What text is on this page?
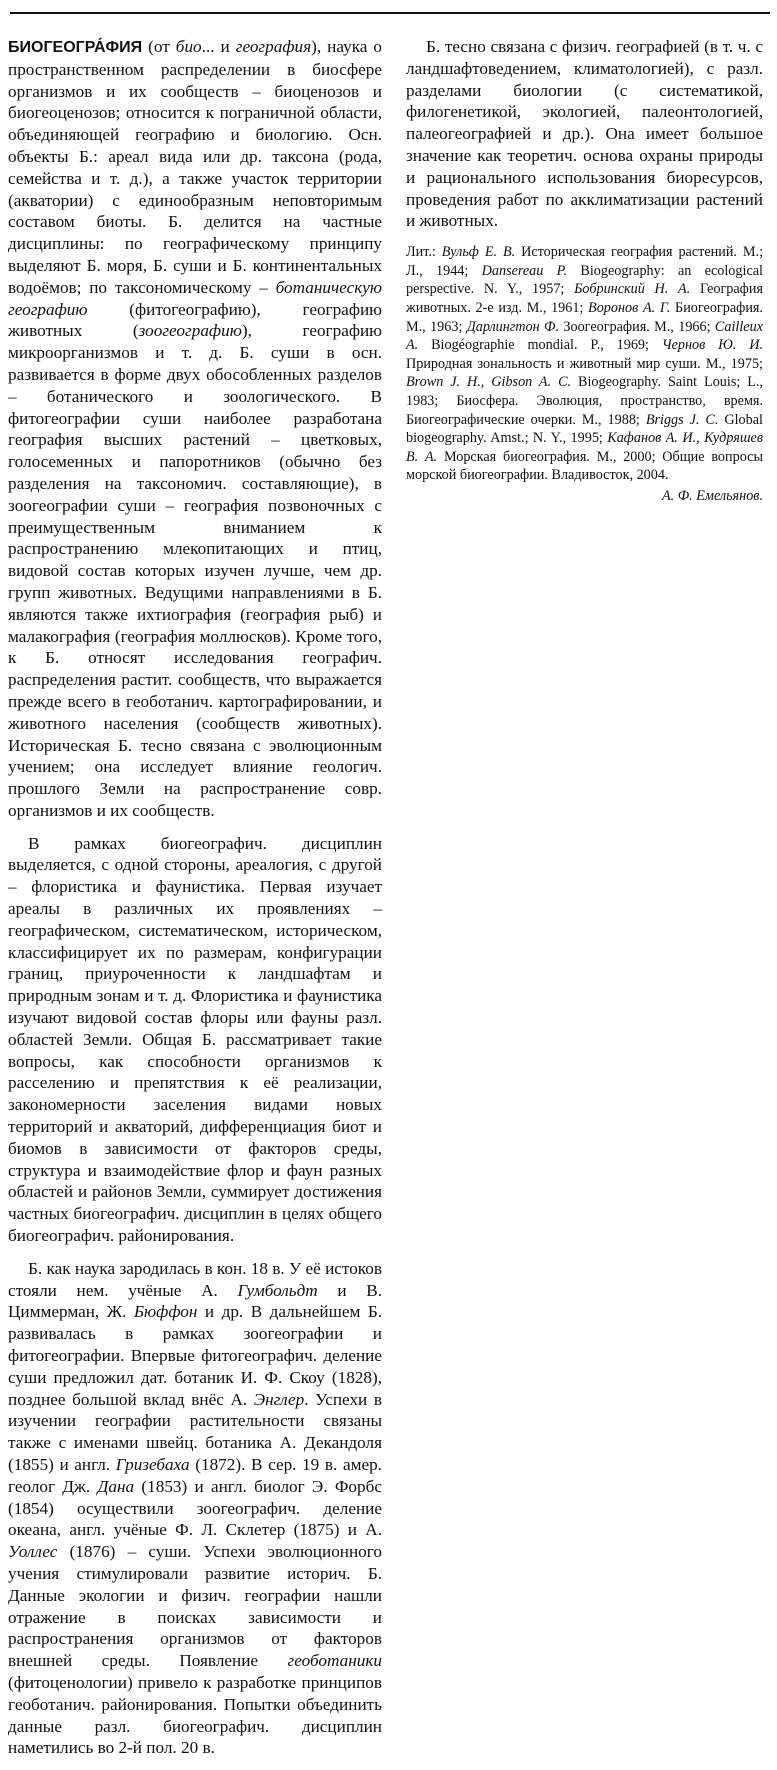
БИОГЕОГРА́ФИЯ (от био... и география), наука о пространственном распределении в биосфере организмов и их сообществ – биоценозов и биогеоценозов; относится к пограничной области, объединяющей географию и биологию. Осн. объекты Б.: ареал вида или др. таксона (рода, семейства и т. д.), а также участок территории (акватории) с единообразным неповторимым составом биоты. Б. делится на частные дисциплины: по географическому принципу выделяют Б. моря, Б. суши и Б. континентальных водоёмов; по таксономическому – ботаническую географию (фитогеографию), географию животных (зоогеографию), географию микроорганизмов и т. д. Б. суши в осн. развивается в форме двух обособленных разделов – ботанического и зоологического. В фитогеографии суши наиболее разработана география высших растений – цветковых, голосеменных и папоротников (обычно без разделения на таксономич. составляющие), в зоогеографии суши – география позвоночных с преимущественным вниманием к распространению млекопитающих и птиц, видовой состав которых изучен лучше, чем др. групп животных. Ведущими направлениями в Б. являются также ихтиография (география рыб) и малакография (география моллюсков). Кроме того, к Б. относят исследования географич. распределения растит. сообществ, что выражается прежде всего в геоботанич. картографировании, и животного населения (сообществ животных). Историческая Б. тесно связана с эволюционным учением; она исследует влияние геологич. прошлого Земли на распространение совр. организмов и их сообществ.

В рамках биогеографич. дисциплин выделяется, с одной стороны, ареалогия, с другой – флористика и фаунистика. Первая изучает ареалы в различных их проявлениях – географическом, систематическом, историческом, классифицирует их по размерам, конфигурации границ, приуроченности к ландшафтам и природным зонам и т. д. Флористика и фаунистика изучают видовой состав флоры или фауны разл. областей Земли. Общая Б. рассматривает такие вопросы, как способности организмов к расселению и препятствия к её реализации, закономерности заселения видами новых территорий и акваторий, дифференциация биот и биомов в зависимости от факторов среды, структура и взаимодействие флор и фаун разных областей и районов Земли, суммирует достижения частных биогеографич. дисциплин в целях общего биогеографич. районирования.

Б. как наука зародилась в кон. 18 в. У её истоков стояли нем. учёные А. Гумбольдт и В. Циммерман, Ж. Бюффон и др. В дальнейшем Б. развивалась в рамках зоогеографии и фитогеографии. Впервые фитогеографич. деление суши предложил дат. ботаник И. Ф. Скоу (1828), позднее большой вклад внёс А. Энглер. Успехи в изучении географии растительности связаны также с именами швейц. ботаника А. Декандоля (1855) и англ. Гризебаха (1872). В сер. 19 в. амер. геолог Дж. Дана (1853) и англ. биолог Э. Форбс (1854) осуществили зоогеографич. деление океана, англ. учёные Ф. Л. Склетер (1875) и А. Уоллес (1876) – суши. Успехи эволюционного учения стимулировали развитие историч. Б. Данные экологии и физич. географии нашли отражение в поисках зависимости и распространения организмов от факторов внешней среды. Появление геоботаники (фитоценологии) привело к разработке принципов геоботанич. районирования. Попытки объединить данные разл. биогеографич. дисциплин наметились во 2-й пол. 20 в.

Б. тесно связана с физич. географией (в т. ч. с ландшафтоведением, климатологией), с разл. разделами биологии (с систематикой, филогенетикой, экологией, палеонтологией, палеогеографией и др.). Она имеет большое значение как теоретич. основа охраны природы и рационального использования биоресурсов, проведения работ по акклиматизации растений и животных.

Лит.: Вульф Е. В. Историческая география растений. М.; Л., 1944; Dansereau P. Biogeography: an ecological perspective. N. Y., 1957; Бобринский Н. А. География животных. 2-е изд. М., 1961; Воронов А. Г. Биогеография. М., 1963; Дарлингтон Ф. Зоогеография. М., 1966; Cailleux A. Biogéographie mondial. P., 1969; Чернов Ю. И. Природная зональность и животный мир суши. М., 1975; Brown J. H., Gibson A. C. Biogeography. Saint Louis; L., 1983; Биосфера. Эволюция, пространство, время. Биогеографические очерки. М., 1988; Briggs J. C. Global biogeography. Amst.; N. Y., 1995; Кафанов А. И., Кудряшев В. А. Морская биогеография. М., 2000; Общие вопросы морской биогеографии. Владивосток, 2004.

А. Ф. Емельянов.
